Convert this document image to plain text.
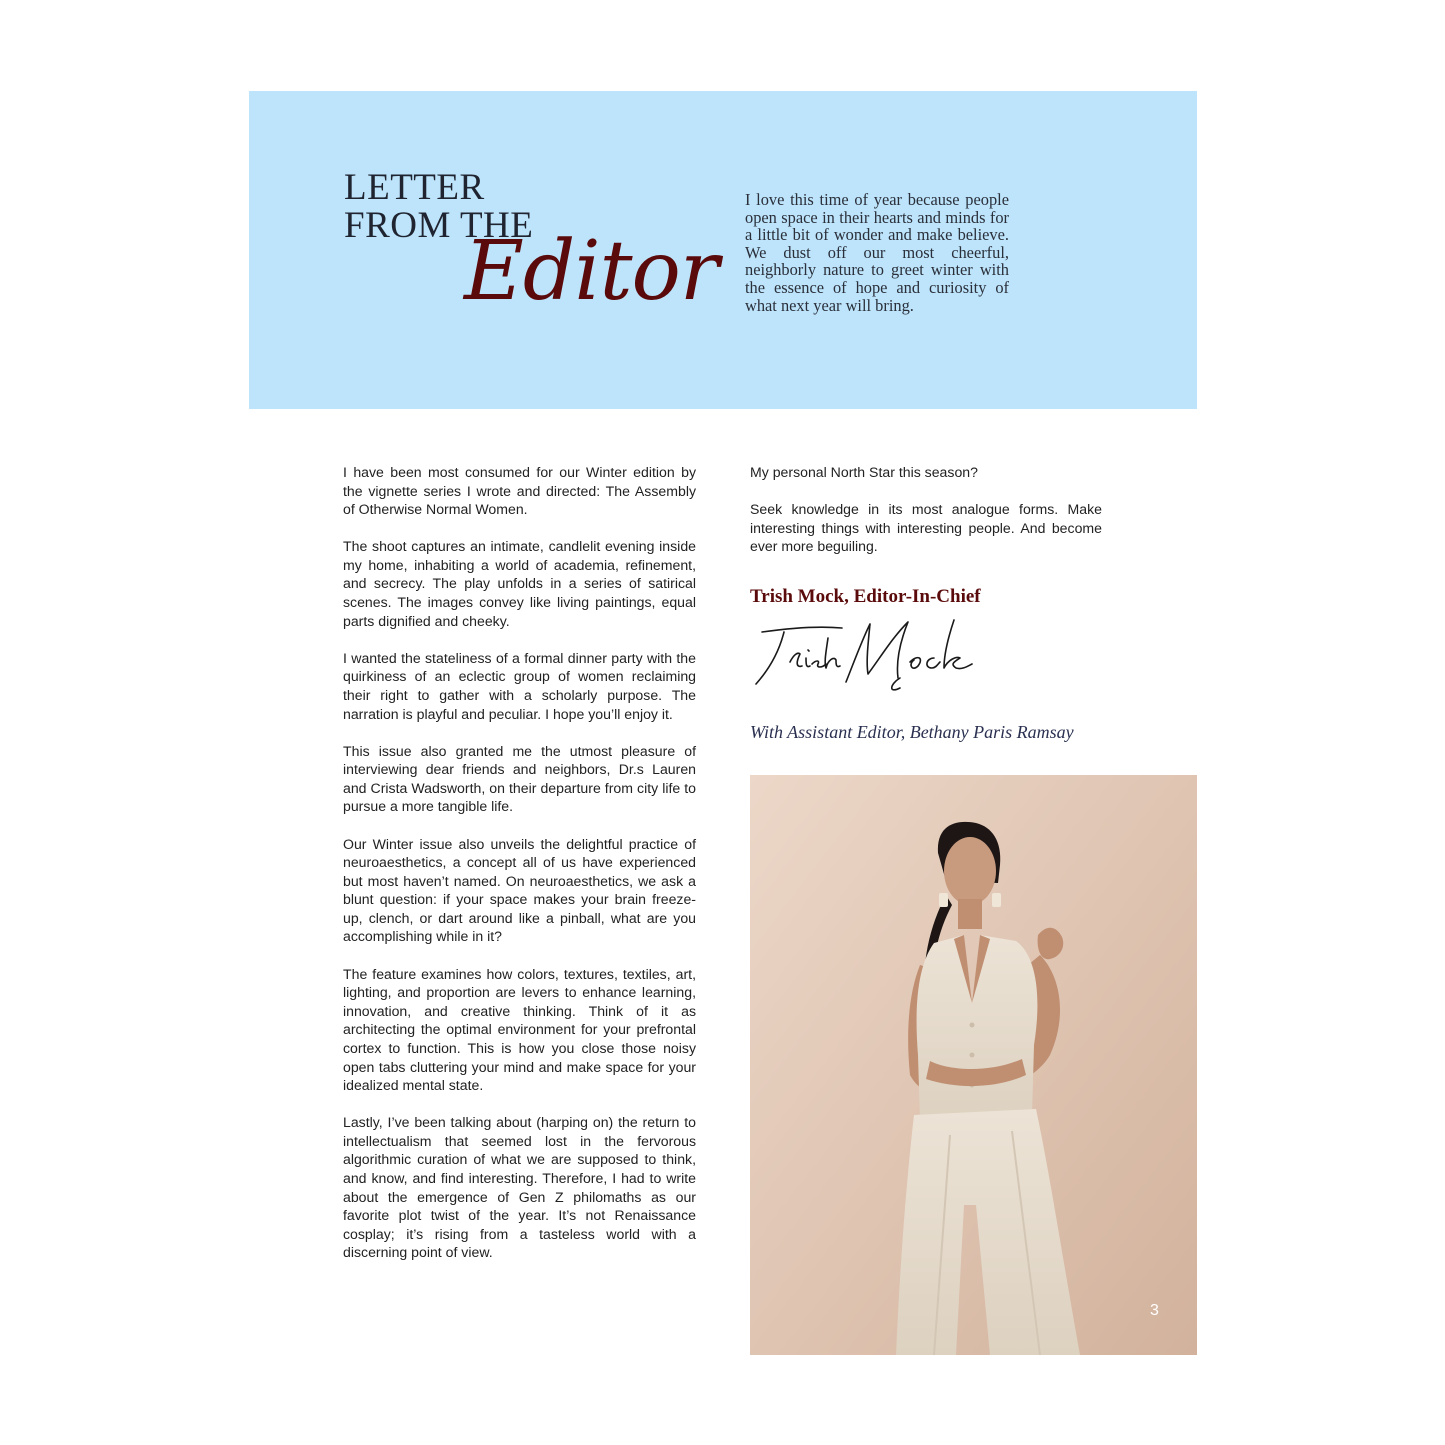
LETTER
FROM THE
Editor
I love this time of year because people open space in their hearts and minds for a little bit of wonder and make believe. We dust off our most cheerful, neighborly nature to greet winter with the essence of hope and curiosity of what next year will bring.

I have been most consumed for our Winter edition by the vignette series I wrote and directed: The Assembly of Otherwise Normal Women.

The shoot captures an intimate, candlelit evening inside my home, inhabiting a world of academia, refinement, and secrecy. The play unfolds in a series of satirical scenes. The images convey like living paintings, equal parts dignified and cheeky.

I wanted the stateliness of a formal dinner party with the quirkiness of an eclectic group of women reclaiming their right to gather with a scholarly purpose. The narration is playful and peculiar. I hope you’ll enjoy it.

This issue also granted me the utmost pleasure of interviewing dear friends and neighbors, Dr.s Lauren and Crista Wadsworth, on their departure from city life to pursue a more tangible life.

Our Winter issue also unveils the delightful practice of neuroaesthetics, a concept all of us have experienced but most haven’t named. On neuroaesthetics, we ask a blunt question: if your space makes your brain freeze-up, clench, or dart around like a pinball, what are you accomplishing while in it?

The feature examines how colors, textures, textiles, art, lighting, and proportion are levers to enhance learning, innovation, and creative thinking. Think of it as architecting the optimal environment for your prefrontal cortex to function. This is how you close those noisy open tabs cluttering your mind and make space for your idealized mental state.

Lastly, I’ve been talking about (harping on) the return to intellectualism that seemed lost in the fervorous algorithmic curation of what we are supposed to think, and know, and find interesting. Therefore, I had to write about the emergence of Gen Z philomaths as our favorite plot twist of the year. It’s not Renaissance cosplay; it’s rising from a tasteless world with a discerning point of view.

My personal North Star this season?

Seek knowledge in its most analogue forms. Make interesting things with interesting people. And become ever more beguiling.

Trish Mock, Editor-In-Chief
With Assistant Editor, Bethany Paris Ramsay
3
